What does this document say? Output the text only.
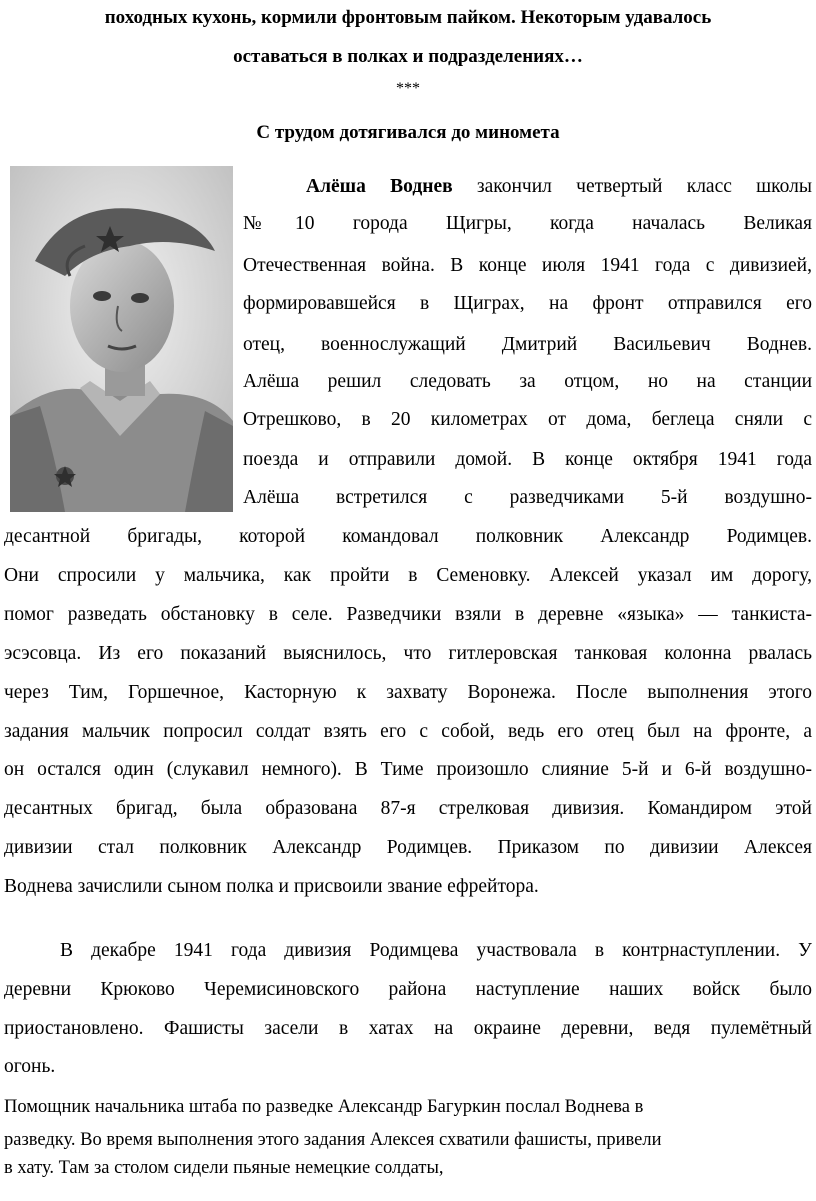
походных кухонь, кормили фронтовым пайком. Некоторым удавалось
оставаться в полках и подразделениях…
***
С трудом дотягивался до миномета
Алёша Воднев закончил четвертый класс школы
№10 города Щигры, когда началась Великая
Отечественная война. В конце июля 1941 года с дивизией,
формировавшейся в Щиграх, на фронт отправился его
отец, военнослужащий Дмитрий Васильевич Воднев.
Алёша решил следовать за отцом, но на станции
Отрешково, в 20 километрах от дома, беглеца сняли с
поезда и отправили домой. В конце октября 1941 года
Алёша встретился с разведчиками 5-й воздушно-
десантной бригады, которой командовал полковник Александр Родимцев.
Они спросили у мальчика, как пройти в Семеновку. Алексей указал им дорогу,
помог разведать обстановку в селе. Разведчики взяли в деревне «языка» — танкиста-
эсэсовца. Из его показаний выяснилось, что гитлеровская танковая колонна рвалась
через Тим, Горшечное, Касторную к захвату Воронежа. После выполнения этого
задания мальчик попросил солдат взять его с собой, ведь его отец был на фронте, а
он остался один (слукавил немного). В Тиме произошло слияние 5-й и 6-й воздушно-
десантных бригад, была образована 87-я стрелковая дивизия. Командиром этой
дивизии стал полковник Александр Родимцев. Приказом по дивизии Алексея
Воднева зачислили сыном полка и присвоили звание ефрейтора.
В декабре 1941 года дивизия Родимцева участвовала в контрнаступлении. У
деревни Крюково Черемисиновского района наступление наших войск было
приостановлено. Фашисты засели в хатах на окраине деревни, ведя пулемётный
огонь.
Помощник начальника штаба по разведке Александр Багуркин послал Воднева в
разведку. Во время выполнения этого задания Алексея схватили фашисты, привели
в хату. Там за столом сидели пьяные немецкие солдаты,
